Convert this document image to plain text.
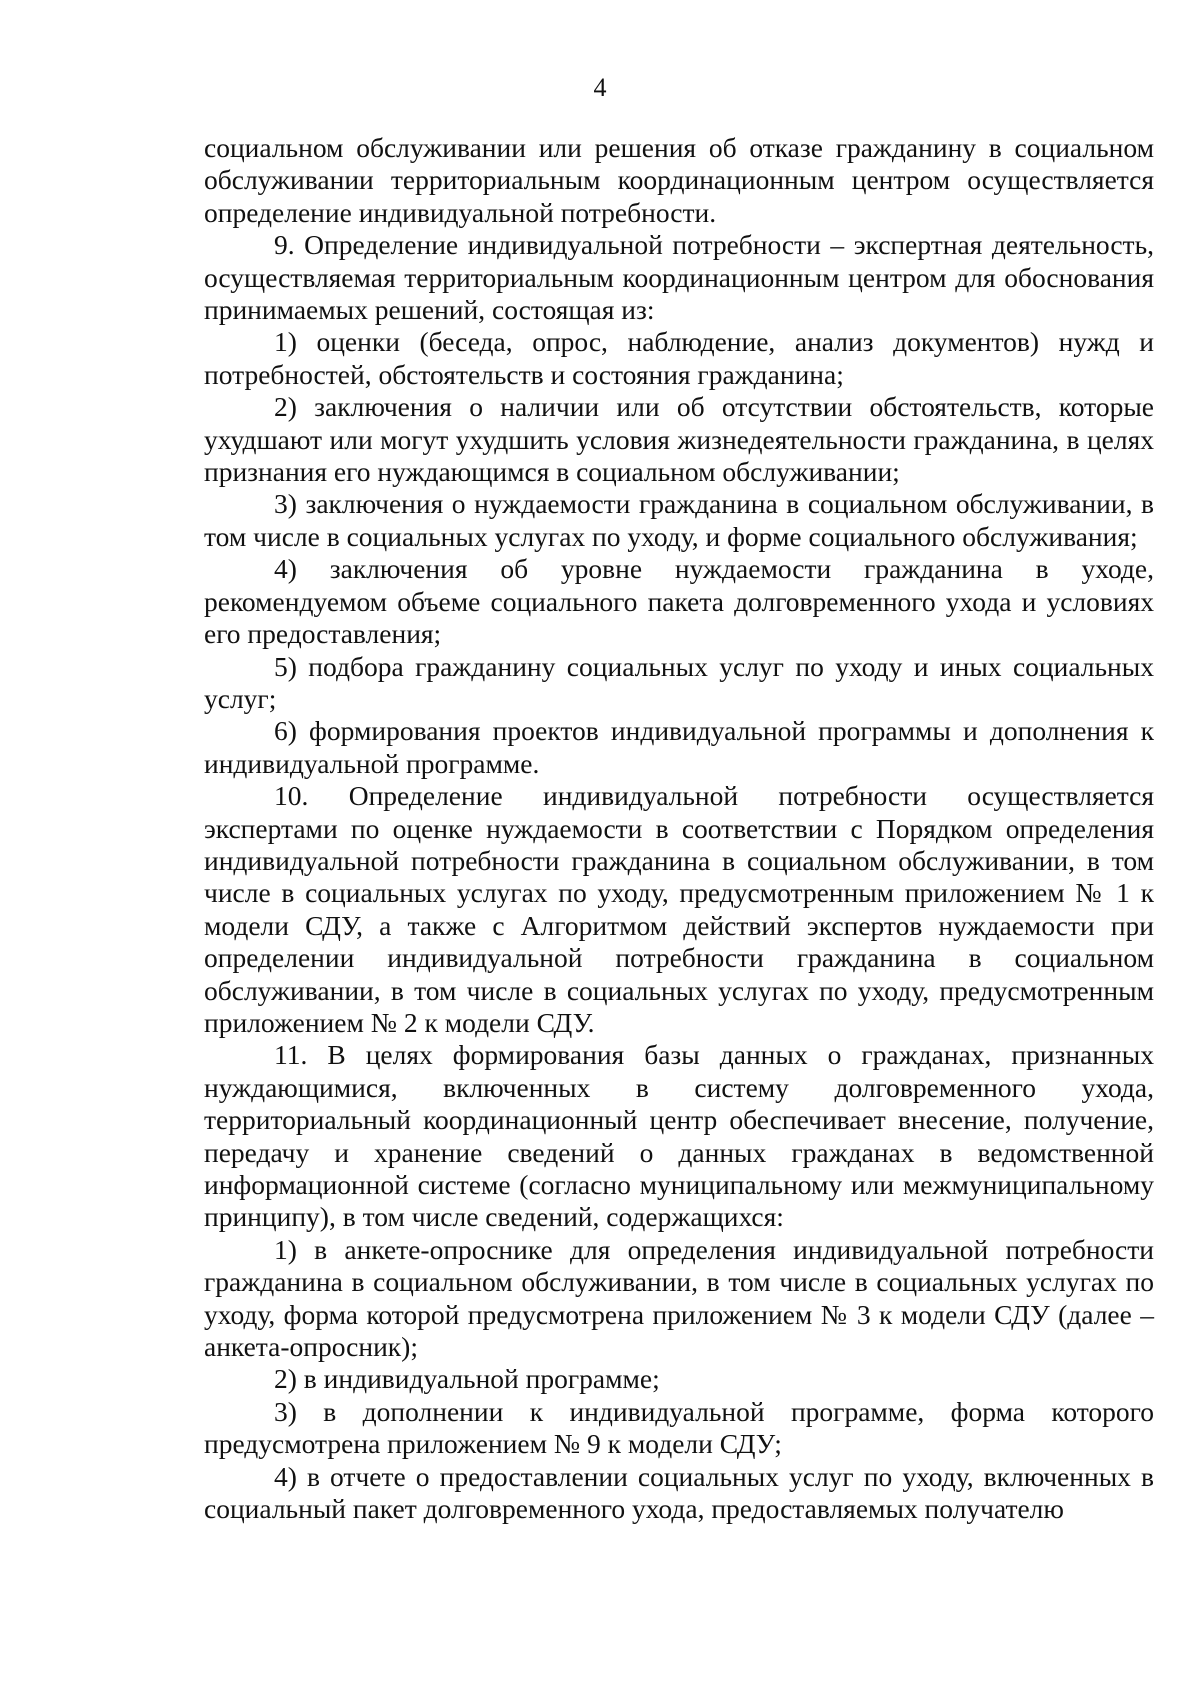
4

социальном обслуживании или решения об отказе гражданину в социальном обслуживании территориальным координационным центром осуществляется определение индивидуальной потребности.

9. Определение индивидуальной потребности – экспертная деятельность, осуществляемая территориальным координационным центром для обоснования принимаемых решений, состоящая из:

1) оценки (беседа, опрос, наблюдение, анализ документов) нужд и потребностей, обстоятельств и состояния гражданина;

2) заключения о наличии или об отсутствии обстоятельств, которые ухудшают или могут ухудшить условия жизнедеятельности гражданина, в целях признания его нуждающимся в социальном обслуживании;

3) заключения о нуждаемости гражданина в социальном обслуживании, в том числе в социальных услугах по уходу, и форме социального обслуживания;

4) заключения об уровне нуждаемости гражданина в уходе, рекомендуемом объеме социального пакета долговременного ухода и условиях его предоставления;

5) подбора гражданину социальных услуг по уходу и иных социальных услуг;

6) формирования проектов индивидуальной программы и дополнения к индивидуальной программе.

10. Определение индивидуальной потребности осуществляется экспертами по оценке нуждаемости в соответствии с Порядком определения индивидуальной потребности гражданина в социальном обслуживании, в том числе в социальных услугах по уходу, предусмотренным приложением № 1 к модели СДУ, а также с Алгоритмом действий экспертов нуждаемости при определении индивидуальной потребности гражданина в социальном обслуживании, в том числе в социальных услугах по уходу, предусмотренным приложением № 2 к модели СДУ.

11. В целях формирования базы данных о гражданах, признанных нуждающимися, включенных в систему долговременного ухода, территориальный координационный центр обеспечивает внесение, получение, передачу и хранение сведений о данных гражданах в ведомственной информационной системе (согласно муниципальному или межмуниципальному принципу), в том числе сведений, содержащихся:

1) в анкете-опроснике для определения индивидуальной потребности гражданина в социальном обслуживании, в том числе в социальных услугах по уходу, форма которой предусмотрена приложением № 3 к модели СДУ (далее – анкета-опросник);

2) в индивидуальной программе;

3) в дополнении к индивидуальной программе, форма которого предусмотрена приложением № 9 к модели СДУ;

4) в отчете о предоставлении социальных услуг по уходу, включенных в социальный пакет долговременного ухода, предоставляемых получателю
